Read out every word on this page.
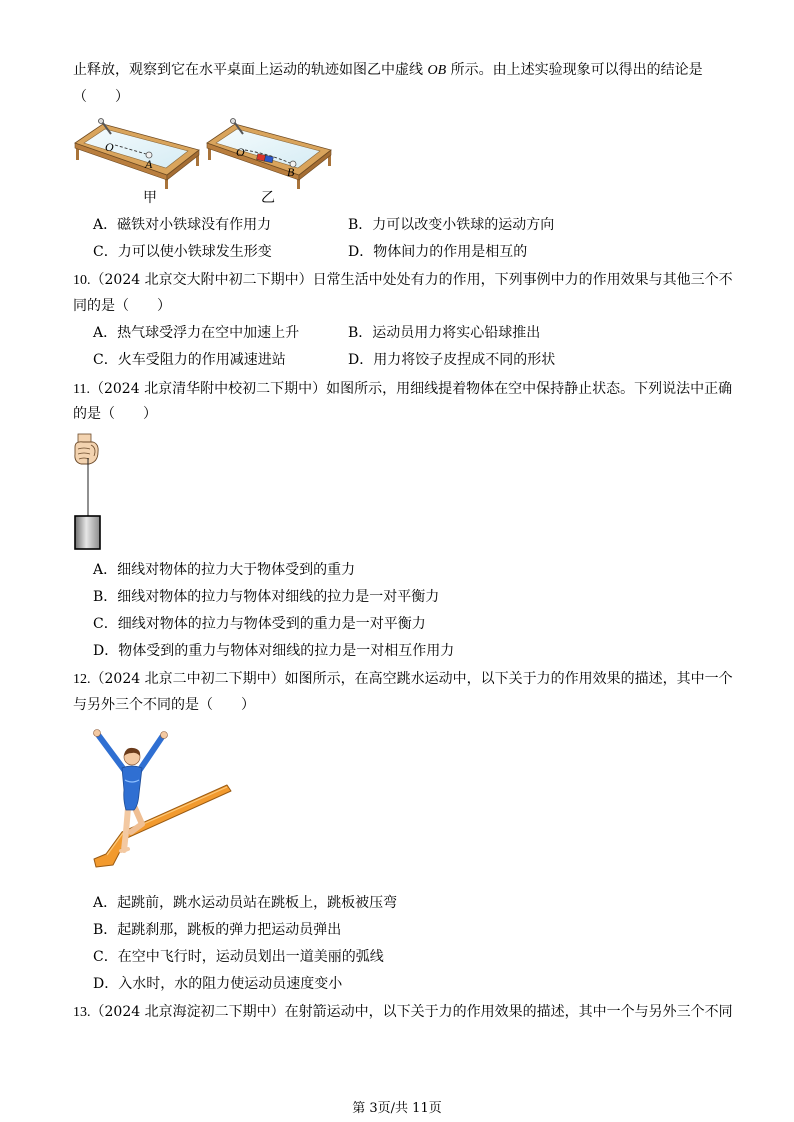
止释放，观察到它在水平桌面上运动的轨迹如图乙中虚线 OB 所示。由上述实验现象可以得出的结论是
（　　）
O
A
O
B
甲	乙
A．磁铁对小铁球没有作用力	B．力可以改变小铁球的运动方向
C．力可以使小铁球发生形变	D．物体间力的作用是相互的
10.（2024 北京交大附中初二下期中）日常生活中处处有力的作用，下列事例中力的作用效果与其他三个不
同的是（　　）
A．热气球受浮力在空中加速上升	B．运动员用力将实心铅球推出
C．火车受阻力的作用减速进站	D．用力将饺子皮捏成不同的形状
11.（2024 北京清华附中校初二下期中）如图所示，用细线提着物体在空中保持静止状态。下列说法中正确
的是（　　）
A．细线对物体的拉力大于物体受到的重力
B．细线对物体的拉力与物体对细线的拉力是一对平衡力
C．细线对物体的拉力与物体受到的重力是一对平衡力
D．物体受到的重力与物体对细线的拉力是一对相互作用力
12.（2024 北京二中初二下期中）如图所示，在高空跳水运动中，以下关于力的作用效果的描述，其中一个
与另外三个不同的是（　　）
A．起跳前，跳水运动员站在跳板上，跳板被压弯
B．起跳刹那，跳板的弹力把运动员弹出
C．在空中飞行时，运动员划出一道美丽的弧线
D．入水时，水的阻力使运动员速度变小
13.（2024 北京海淀初二下期中）在射箭运动中，以下关于力的作用效果的描述，其中一个与另外三个不同
第 3页/共 11页
